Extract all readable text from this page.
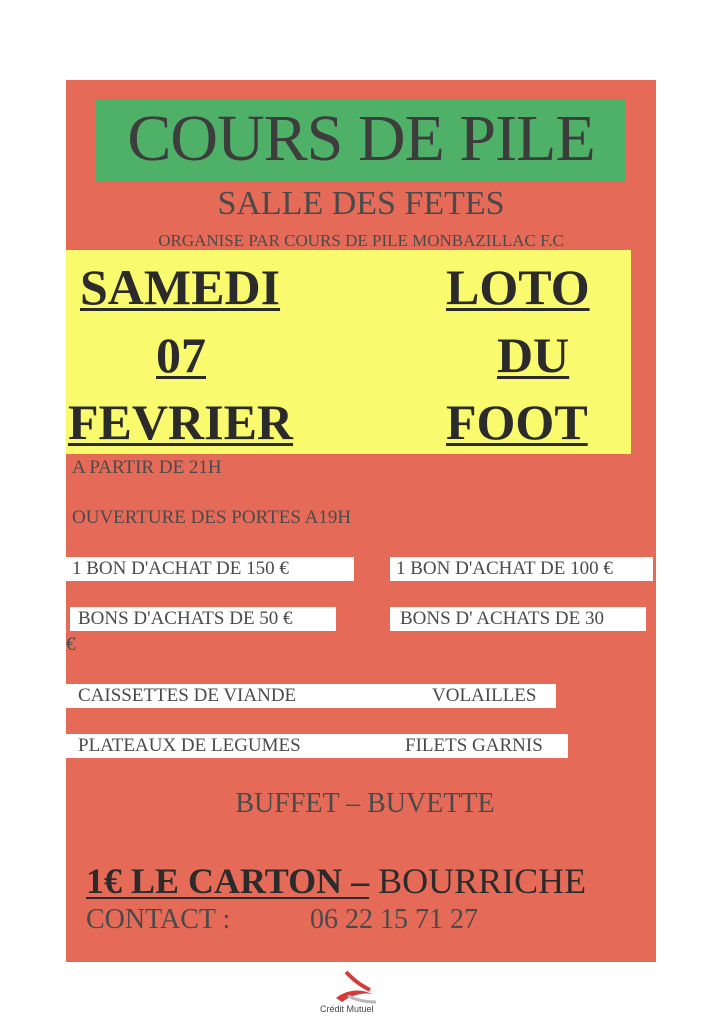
COURS DE PILE

SALLE DES FETES

ORGANISE PAR COURS DE PILE MONBAZILLAC F.C

SAMEDI

07

FEVRIER

LOTO

DU

FOOT

A PARTIR DE 21H

OUVERTURE DES PORTES A19H

1 BON D'ACHAT DE 150 €	1 BON D'ACHAT DE 100 €

BONS D'ACHATS DE 50 €	BONS D' ACHATS DE 30

€

CAISSETTES DE VIANDE	VOLAILLES

PLATEAUX DE LEGUMES	FILETS GARNIS

BUFFET – BUVETTE

1€ LE CARTON – BOURRICHE

CONTACT :	06 22 15 71 27

Crédit Mutuel
